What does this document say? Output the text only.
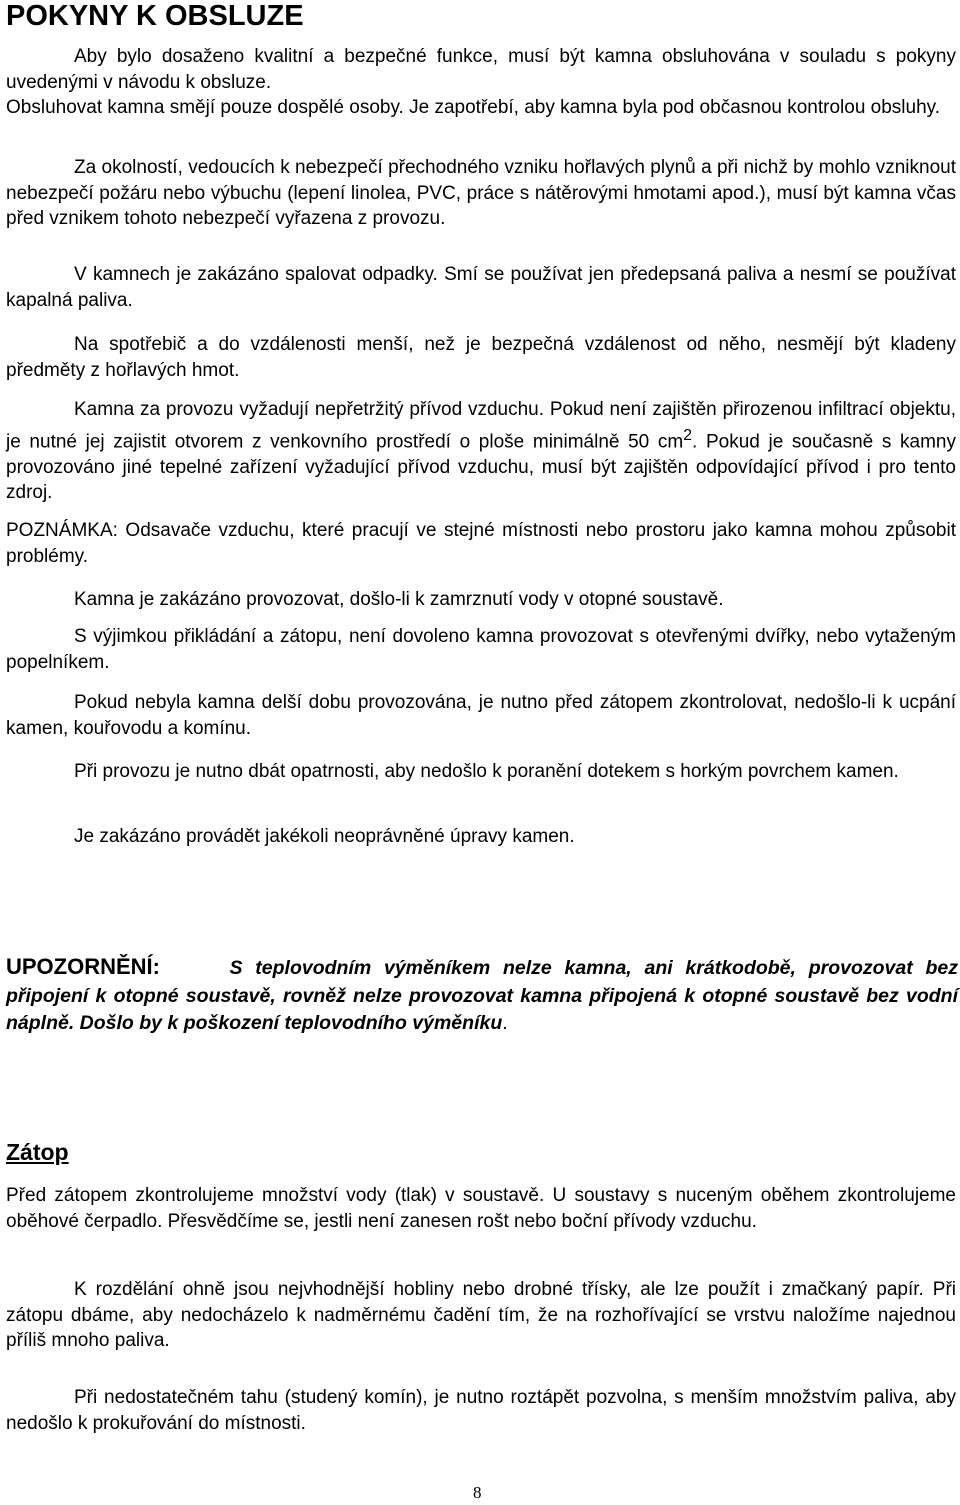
POKYNY K OBSLUZE
Aby bylo dosaženo kvalitní a bezpečné funkce, musí být kamna obsluhována v souladu s pokyny uvedenými v návodu k obsluze.
Obsluhovat kamna smějí pouze dospělé osoby. Je zapotřebí, aby kamna byla pod občasnou kontrolou obsluhy.
Za okolností, vedoucích k nebezpečí přechodného vzniku hořlavých plynů a při nichž by mohlo vzniknout nebezpečí požáru nebo výbuchu (lepení linolea, PVC, práce s nátěrovými hmotami apod.), musí být kamna včas před vznikem tohoto nebezpečí vyřazena z provozu.
V kamnech je zakázáno spalovat odpadky. Smí se používat jen předepsaná paliva a nesmí se používat kapalná paliva.
Na spotřebič a do vzdálenosti menší, než je bezpečná vzdálenost od něho, nesmějí být kladeny předměty z hořlavých hmot.
Kamna za provozu vyžadují nepřetržitý přívod vzduchu. Pokud není zajištěn přirozenou infiltrací objektu, je nutné jej zajistit otvorem z venkovního prostředí o ploše minimálně 50 $cm^2$. Pokud je současně s kamny provozováno jiné tepelné zařízení vyžadující přívod vzduchu, musí být zajištěn odpovídající přívod i pro tento zdroj.
POZNÁMKA: Odsavače vzduchu, které pracují ve stejné místnosti nebo prostoru jako kamna mohou způsobit problémy.
Kamna je zakázáno provozovat, došlo-li k zamrznutí vody v otopné soustavě.
S výjimkou přikládání a zátopu, není dovoleno kamna provozovat s otevřenými dvířky, nebo vytaženým popelníkem.
Pokud nebyla kamna delší dobu provozována, je nutno před zátopem zkontrolovat, nedošlo-li k ucpání kamen, kouřovodu a komínu.
Při provozu je nutno dbát opatrnosti, aby nedošlo k poranění dotekem s horkým povrchem kamen.
Je zakázáno provádět jakékoli neoprávněné úpravy kamen.
UPOZORNĚNÍ:	S teplovodním výměníkem nelze kamna, ani krátkodobě, provozovat bez připojení k otopné soustavě, rovněž nelze provozovat kamna připojená k otopné soustavě bez vodní náplně. Došlo by k poškození teplovodního výměníku.
Zátop
Před zátopem zkontrolujeme množství vody (tlak) v soustavě. U soustavy s nuceným oběhem zkontrolujeme oběhové čerpadlo. Přesvědčíme se, jestli není zanesen rošt nebo boční přívody vzduchu.
K rozdělání ohně jsou nejvhodnější hobliny nebo drobné třísky, ale lze použít i zmačkaný papír. Při zátopu dbáme, aby nedocházelo k nadměrnému čadění tím, že na rozhořívající se vrstvu naložíme najednou příliš mnoho paliva.
Při nedostatečném tahu (studený komín), je nutno roztápět pozvolna, s menším množstvím paliva, aby nedošlo k prokuřování do místnosti.
8
